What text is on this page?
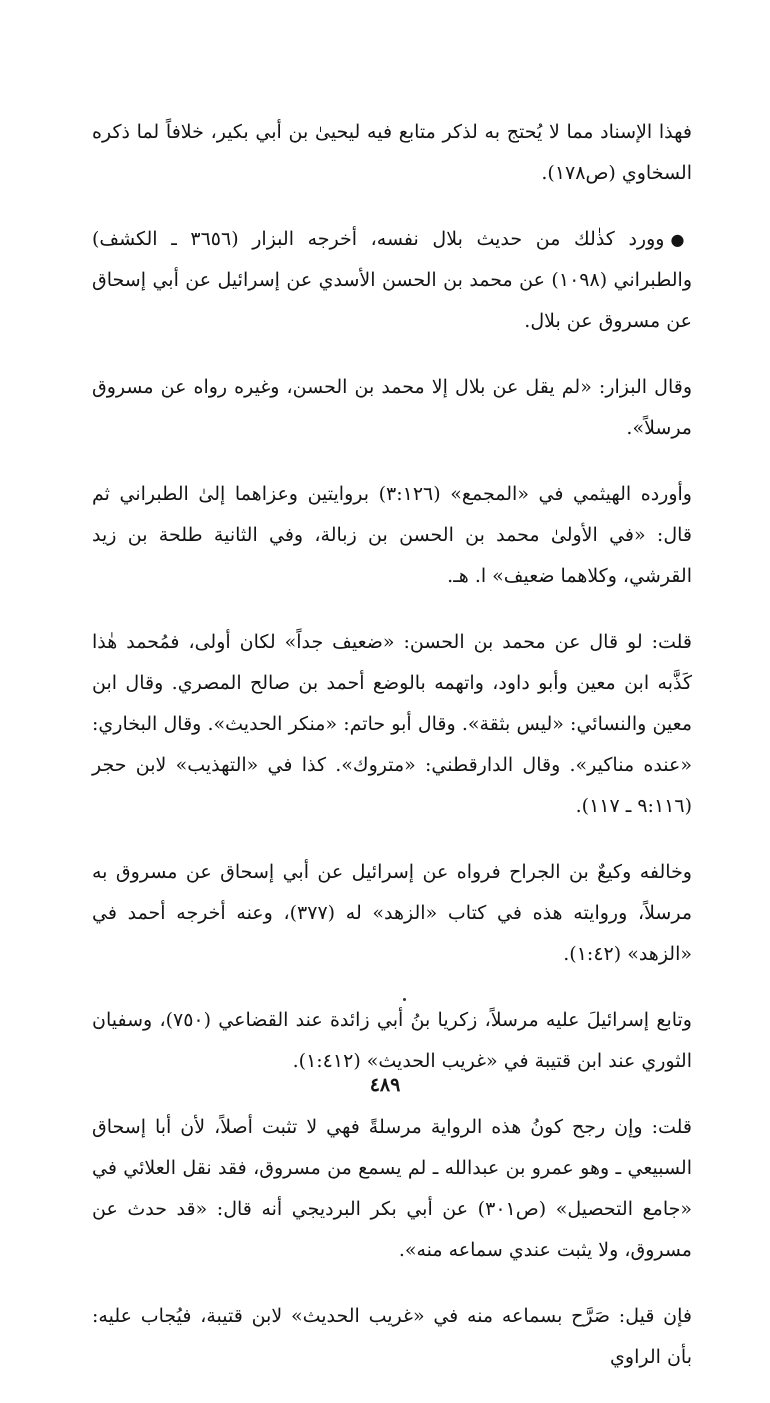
فهذا الإسناد مما لا يُحتج به لذكر متابع فيه ليحيىٰ بن أبي بكير، خلافاً لما ذكره السخاوي (ص١٧٨).

●وورد كذٰلك من حديث بلال نفسه، أخرجه البزار (٣٦٥٦ ـ الكشف) والطبراني (١٠٩٨) عن محمد بن الحسن الأسدي عن إسرائيل عن أبي إسحاق عن مسروق عن بلال.

وقال البزار: «لم يقل عن بلال إلا محمد بن الحسن، وغيره رواه عن مسروق مرسلاً».

وأورده الهيثمي في «المجمع» (٣:١٢٦) بروايتين وعزاهما إلىٰ الطبراني ثم قال: «في الأولىٰ محمد بن الحسن بن زبالة، وفي الثانية طلحة بن زيد القرشي، وكلاهما ضعيف» ا. هـ.

قلت: لو قال عن محمد بن الحسن: «ضعيف جداً» لكان أولى، فمُحمد هٰذا كَذَّبه ابن معين وأبو داود، واتهمه بالوضع أحمد بن صالح المصري. وقال ابن معين والنسائي: «ليس بثقة». وقال أبو حاتم: «منكر الحديث». وقال البخاري: «عنده مناكير». وقال الدارقطني: «متروك». كذا في «التهذيب» لابن حجر (٩:١١٦ ـ ١١٧).

وخالفه وكيعٌ بن الجراح فرواه عن إسرائيل عن أبي إسحاق عن مسروق به مرسلاً، وروايته هذه في كتاب «الزهد» له (٣٧٧)، وعنه أخرجه أحمد في «الزهد» (١:٤٢).

وتابع إسرائيلَ عليه مرسلاً، زكريا بنُ أبي زائدة عند القضاعي (٧٥٠)، وسفيان الثوري عند ابن قتيبة في «غريب الحديث» (١:٤١٢).

قلت: وإن رجح كونُ هذه الرواية مرسلةً فهي لا تثبت أصلاً، لأن أبا إسحاق السبيعي ـ وهو عمرو بن عبدالله ـ لم يسمع من مسروق، فقد نقل العلائي في «جامع التحصيل» (ص٣٠١) عن أبي بكر البرديجي أنه قال: «قد حدث عن مسروق، ولا يثبت عندي سماعه منه».

فإن قيل: صَرَّح بسماعه منه في «غريب الحديث» لابن قتيبة، فيُجاب عليه: بأن الراوي

٤٨٩
